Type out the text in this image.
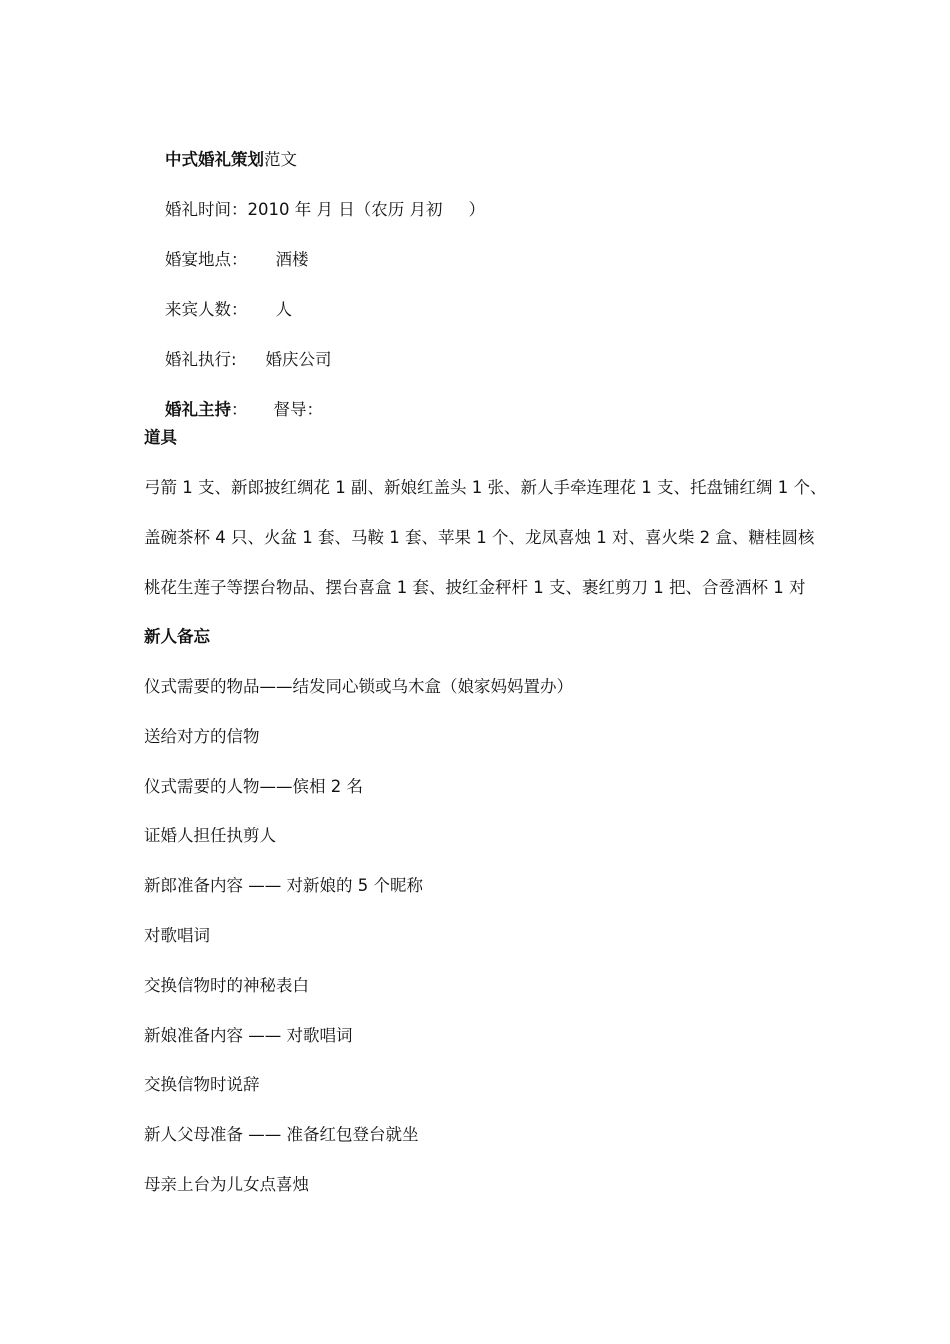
中式婚礼策划范文

婚礼时间：2010 年 月 日（农历 月初 ）

婚宴地点： 酒楼

来宾人数： 人

婚礼执行: 婚庆公司

婚礼主持： 督导：

道具
弓箭 1 支、新郎披红绸花 1 副、新娘红盖头 1 张、新人手牵连理花 1 支、托盘铺红绸 1 个、
盖碗茶杯 4 只、火盆 1 套、马鞍 1 套、苹果 1 个、龙凤喜烛 1 对、喜火柴 2 盒、糖桂圆核
桃花生莲子等摆台物品、摆台喜盒 1 套、披红金秤杆 1 支、裹红剪刀 1 把、合卺酒杯 1 对
新人备忘
仪式需要的物品——结发同心锁或乌木盒（娘家妈妈置办）
送给对方的信物
仪式需要的人物——傧相 2 名
证婚人担任执剪人
新郎准备内容 —— 对新娘的 5 个昵称
对歌唱词
交换信物时的神秘表白
新娘准备内容 —— 对歌唱词
交换信物时说辞
新人父母准备 —— 准备红包登台就坐
母亲上台为儿女点喜烛
